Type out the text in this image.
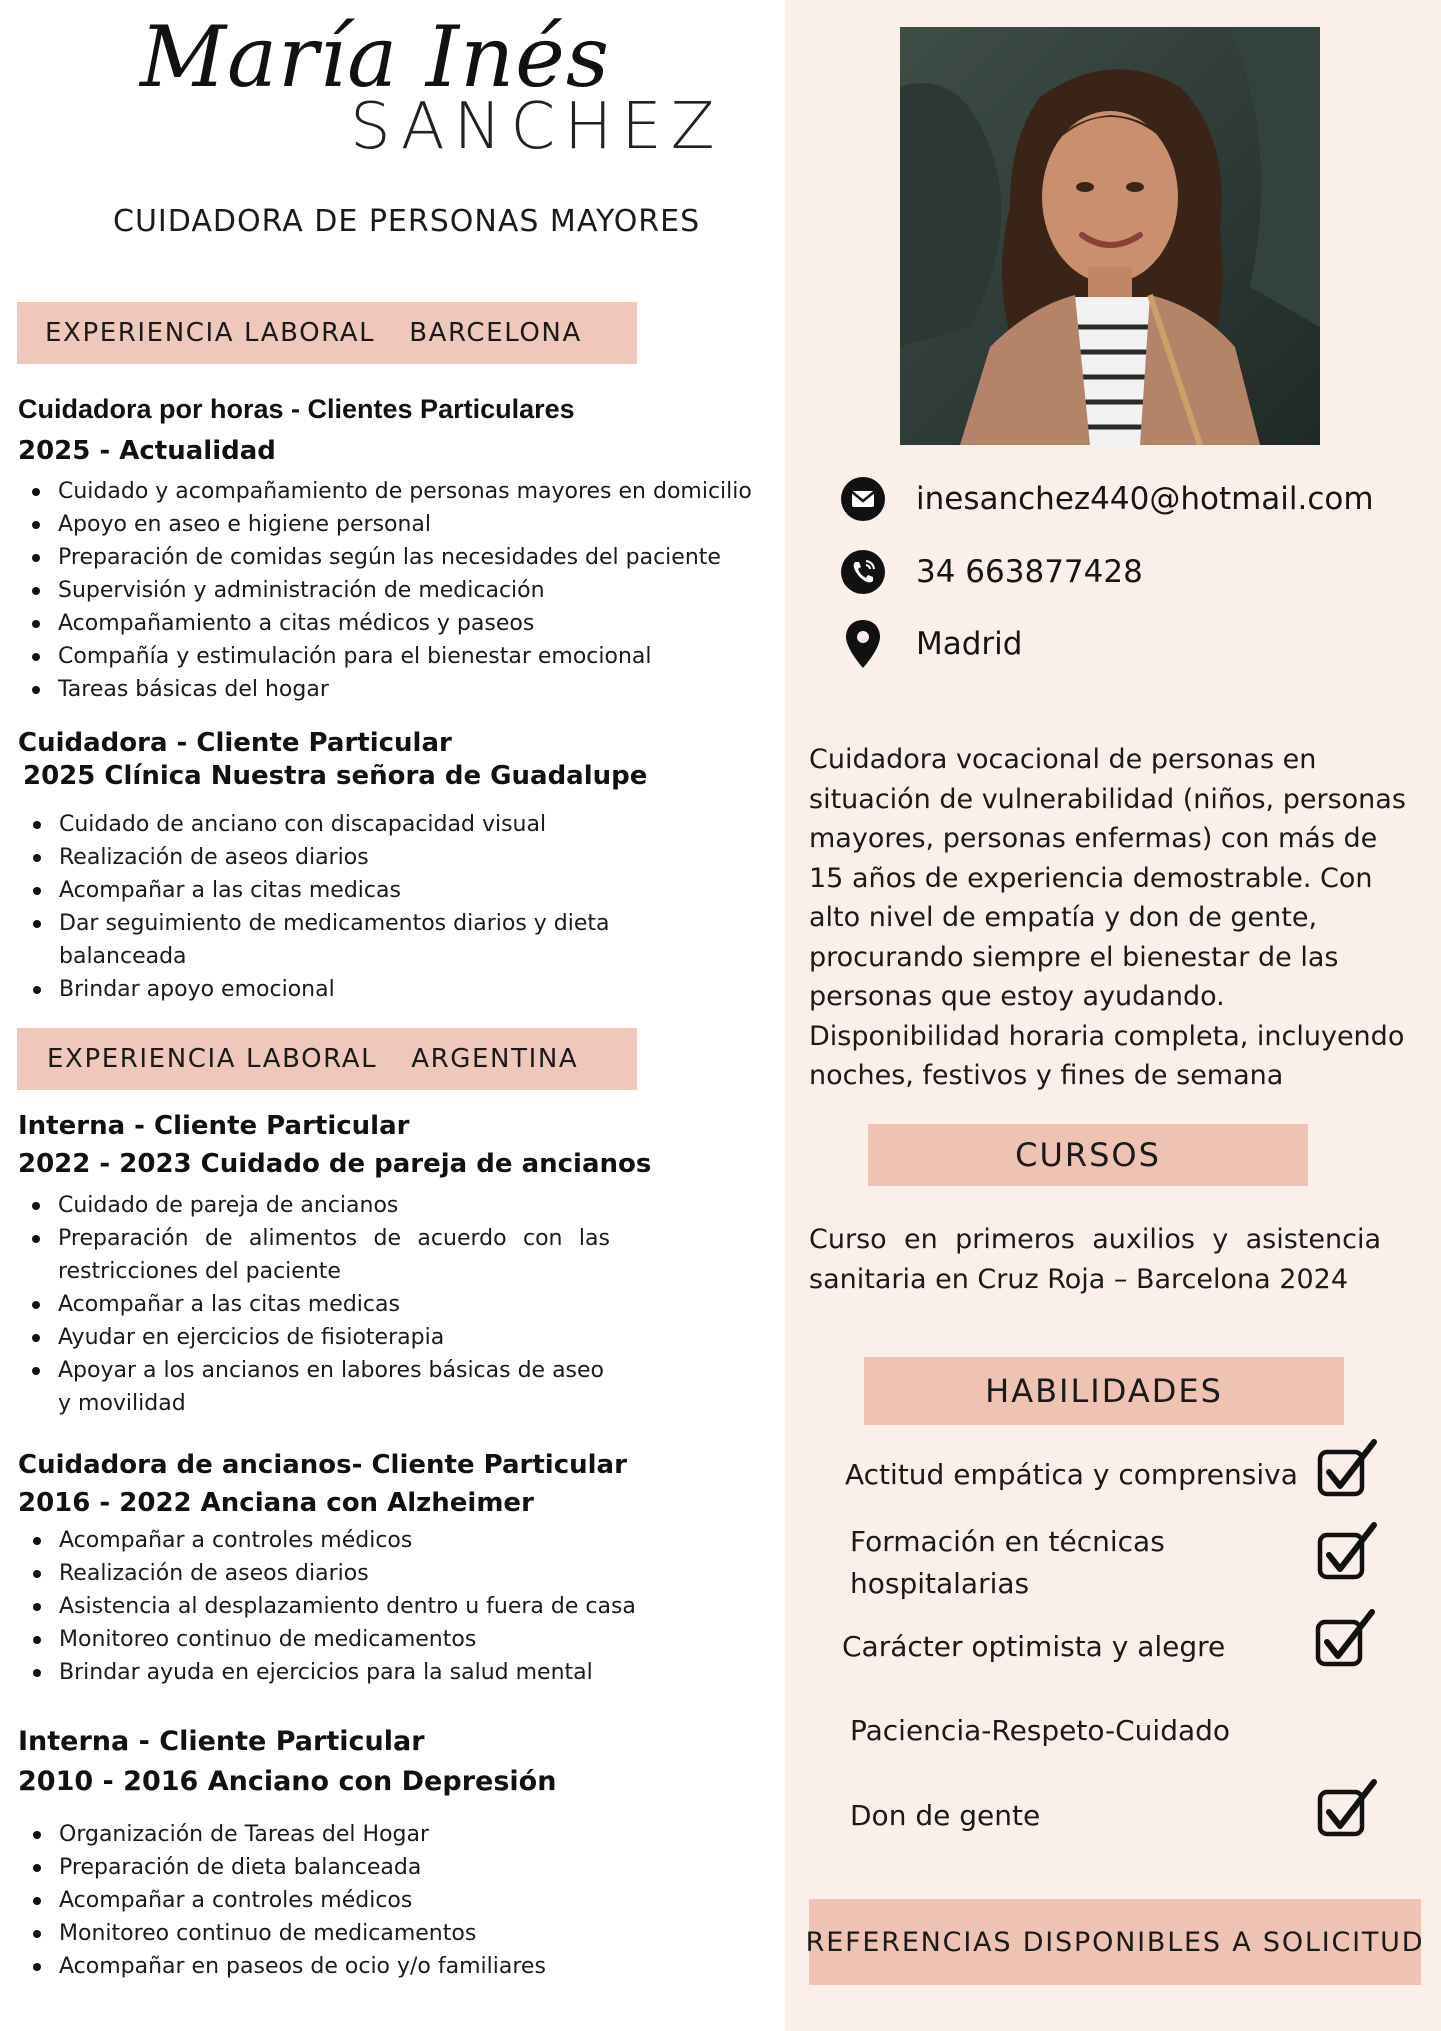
María Inés
SANCHEZ
CUIDADORA DE PERSONAS MAYORES
EXPERIENCIA LABORAL BARCELONA
Cuidadora por horas - Clientes Particulares
2025 - Actualidad
Cuidado y acompañamiento de personas mayores en domicilio
Apoyo en aseo e higiene personal
Preparación de comidas según las necesidades del paciente
Supervisión y administración de medicación
Acompañamiento a citas médicos y paseos
Compañía y estimulación para el bienestar emocional
Tareas básicas del hogar
Cuidadora - Cliente Particular
2025 Clínica Nuestra señora de Guadalupe
Cuidado de anciano con discapacidad visual
Realización de aseos diarios
Acompañar a las citas medicas
Dar seguimiento de medicamentos diarios y dieta balanceada
Brindar apoyo emocional
EXPERIENCIA LABORAL ARGENTINA
Interna - Cliente Particular
2022 - 2023 Cuidado de pareja de ancianos
Cuidado de pareja de ancianos
Preparación de alimentos de acuerdo con las restricciones del paciente
Acompañar a las citas medicas
Ayudar en ejercicios de fisioterapia
Apoyar a los ancianos en labores básicas de aseo y movilidad
Cuidadora de ancianos- Cliente Particular
2016 - 2022 Anciana con Alzheimer
Acompañar a controles médicos
Realización de aseos diarios
Asistencia al desplazamiento dentro u fuera de casa
Monitoreo continuo de medicamentos
Brindar ayuda en ejercicios para la salud mental
Interna - Cliente Particular
2010 - 2016 Anciano con Depresión
Organización de Tareas del Hogar
Preparación de dieta balanceada
Acompañar a controles médicos
Monitoreo continuo de medicamentos
Acompañar en paseos de ocio y/o familiares
inesanchez440@hotmail.com
34 663877428
Madrid
Cuidadora vocacional de personas en situación de vulnerabilidad (niños, personas mayores, personas enfermas) con más de 15 años de experiencia demostrable. Con alto nivel de empatía y don de gente, procurando siempre el bienestar de las personas que estoy ayudando. Disponibilidad horaria completa, incluyendo noches, festivos y fines de semana
CURSOS
Curso en primeros auxilios y asistencia sanitaria en Cruz Roja – Barcelona 2024
HABILIDADES
Actitud empática y comprensiva
Formación en técnicas hospitalarias
Carácter optimista y alegre
Paciencia-Respeto-Cuidado
Don de gente
REFERENCIAS DISPONIBLES A SOLICITUD
